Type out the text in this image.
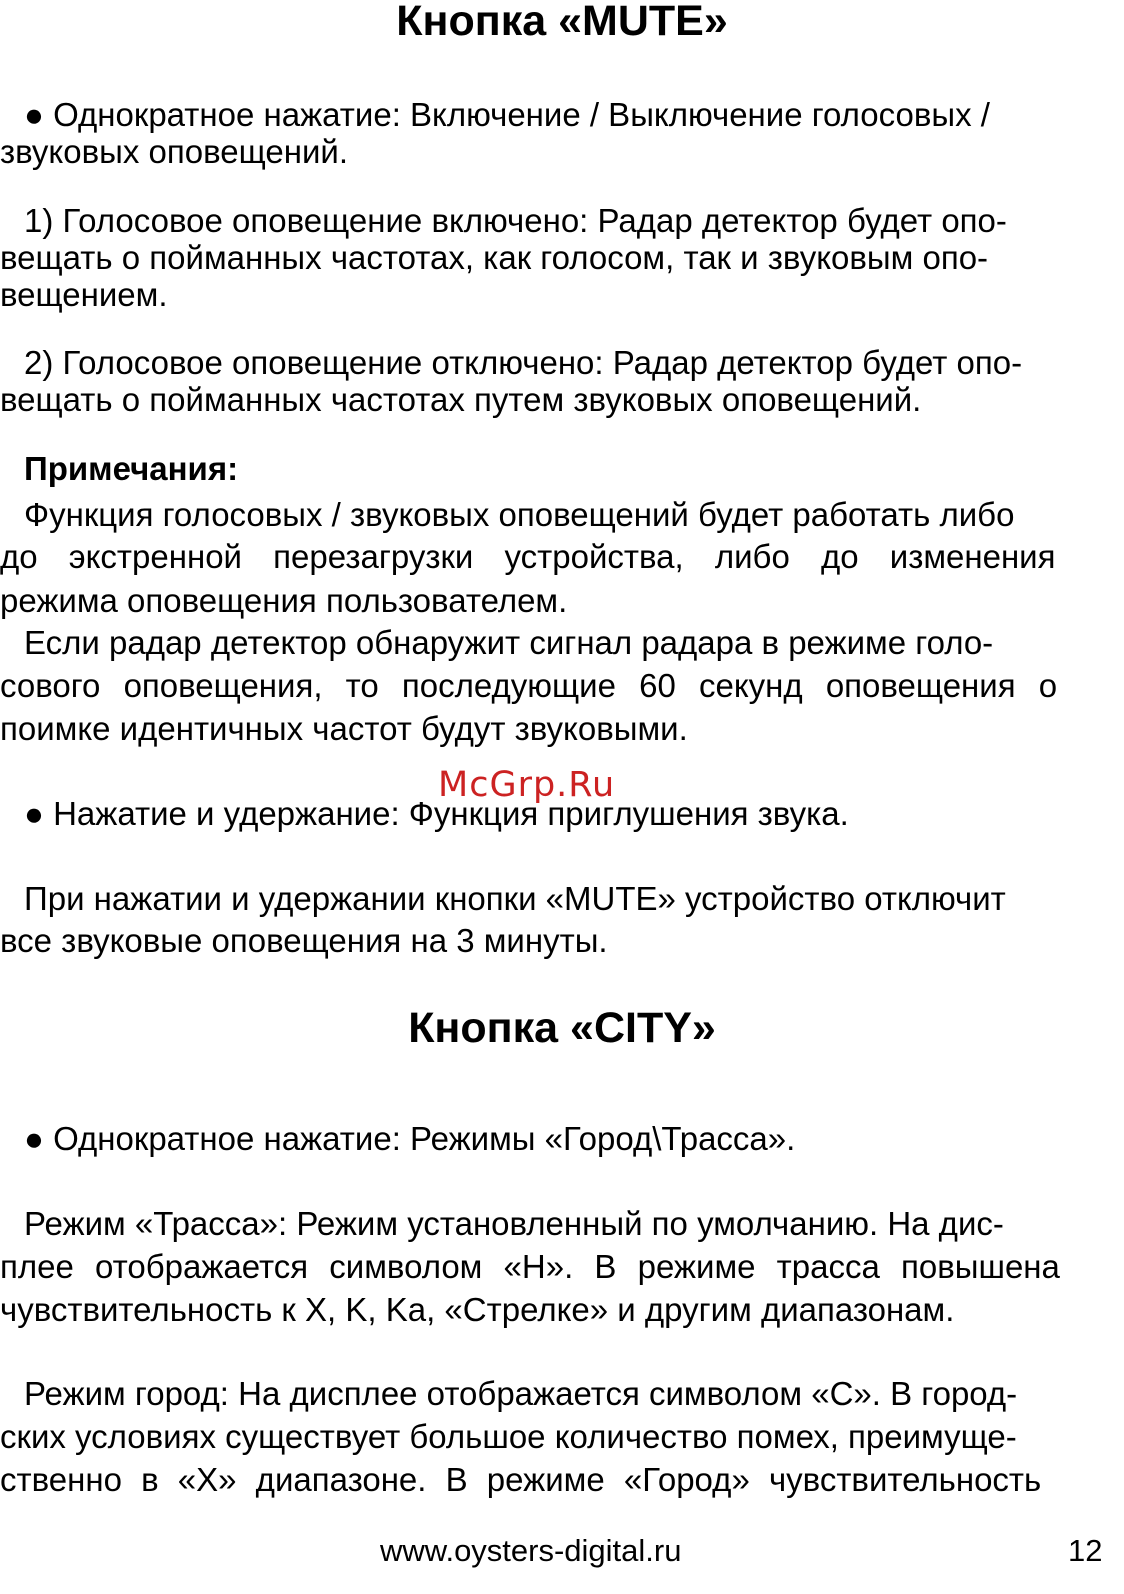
Кнопка «MUTE»
● Однократное нажатие: Включение / Выключение голосовых /
звуковых оповещений.
1) Голосовое оповещение включено: Радар детектор будет опо-
вещать о пойманных частотах, как голосом, так и звуковым опо-
вещением.
2) Голосовое оповещение отключено: Радар детектор будет опо-
вещать о пойманных частотах путем звуковых оповещений.
Примечания:
Функция голосовых / звуковых оповещений будет работать либо
до экстренной перезагрузки устройства, либо до изменения
режима оповещения пользователем.
Если радар детектор обнаружит сигнал радара в режиме голо-
сового оповещения, то последующие 60 секунд оповещения о
поимке идентичных частот будут звуковыми.
McGrp.Ru
● Нажатие и удержание: Функция приглушения звука.
При нажатии и удержании кнопки «MUTE» устройство отключит
все звуковые оповещения на 3 минуты.
Кнопка «CITY»
● Однократное нажатие: Режимы «Город\Трасса».
Режим «Трасса»: Режим установленный по умолчанию. На дис-
плее отображается символом «H». В режиме трасса повышена
чувствительность к X, K, Ka, «Стрелке» и другим диапазонам.
Режим город: На дисплее отображается символом «C». В город-
ских условиях существует большое количество помех, преимуще-
ственно в «X» диапазоне. В режиме «Город» чувствительность
www.oysters-digital.ru	12
